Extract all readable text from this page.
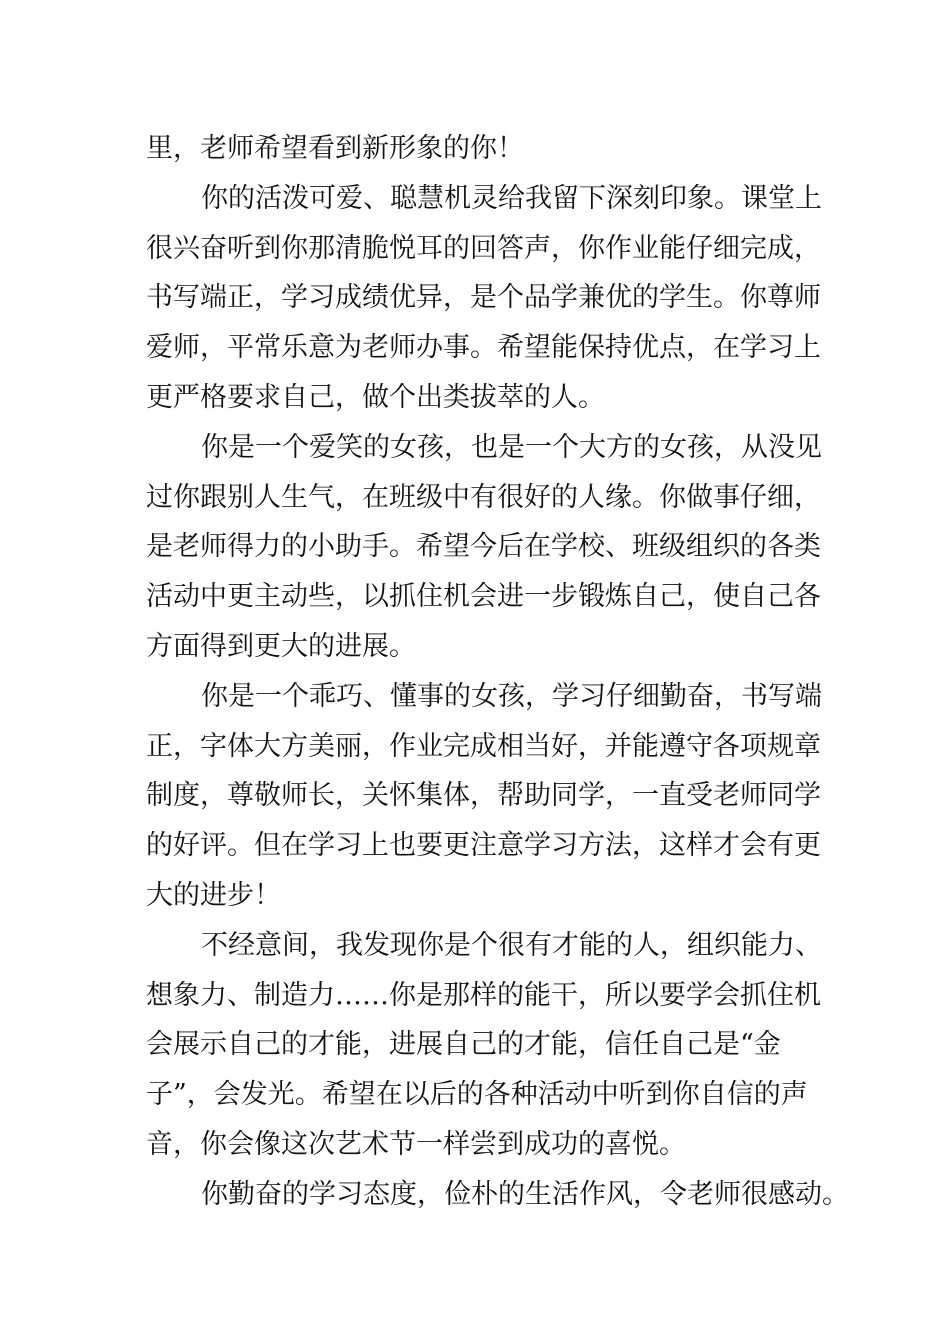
里，老师希望看到新形象的你！
你的活泼可爱、聪慧机灵给我留下深刻印象。课堂上
很兴奋听到你那清脆悦耳的回答声，你作业能仔细完成，
书写端正，学习成绩优异，是个品学兼优的学生。你尊师
爱师，平常乐意为老师办事。希望能保持优点，在学习上
更严格要求自己，做个出类拔萃的人。
你是一个爱笑的女孩，也是一个大方的女孩，从没见
过你跟别人生气，在班级中有很好的人缘。你做事仔细，
是老师得力的小助手。希望今后在学校、班级组织的各类
活动中更主动些，以抓住机会进一步锻炼自己，使自己各
方面得到更大的进展。
你是一个乖巧、懂事的女孩，学习仔细勤奋，书写端
正，字体大方美丽，作业完成相当好，并能遵守各项规章
制度，尊敬师长，关怀集体，帮助同学，一直受老师同学
的好评。但在学习上也要更注意学习方法，这样才会有更
大的进步！
不经意间，我发现你是个很有才能的人，组织能力、
想象力、制造力……你是那样的能干，所以要学会抓住机
会展示自己的才能，进展自己的才能，信任自己是“金
子”，会发光。希望在以后的各种活动中听到你自信的声
音，你会像这次艺术节一样尝到成功的喜悦。
你勤奋的学习态度，俭朴的生活作风，令老师很感动。
